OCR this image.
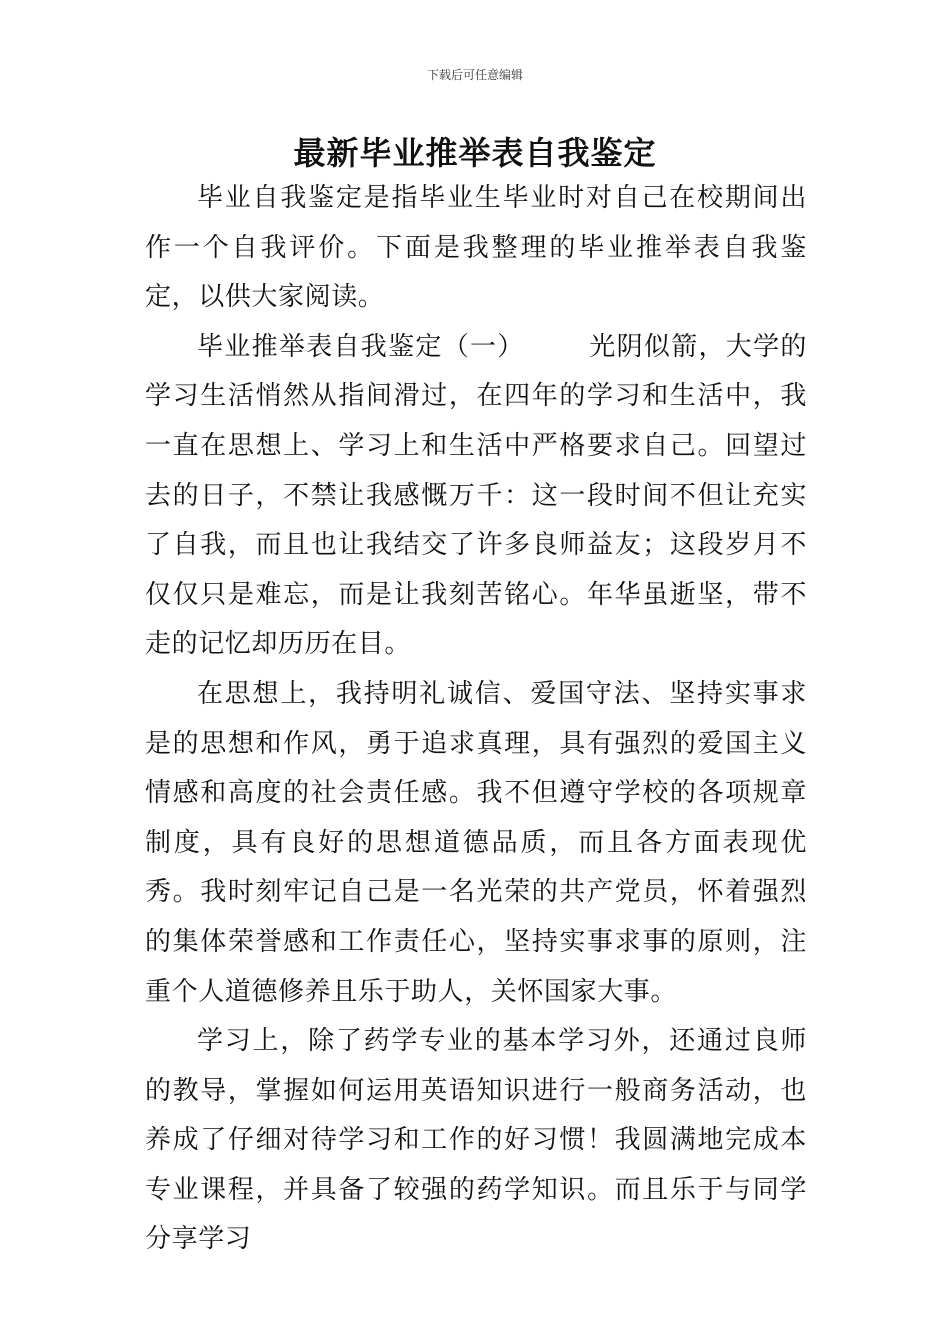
下载后可任意编辑
最新毕业推举表自我鉴定

毕业自我鉴定是指毕业生毕业时对自己在校期间出作一个自我评价。下面是我整理的毕业推举表自我鉴定，以供大家阅读。

毕业推举表自我鉴定（一） 光阴似箭，大学的学习生活悄然从指间滑过，在四年的学习和生活中，我一直在思想上、学习上和生活中严格要求自己。回望过去的日子，不禁让我感慨万千：这一段时间不但让充实了自我，而且也让我结交了许多良师益友；这段岁月不仅仅只是难忘，而是让我刻苦铭心。年华虽逝坚，带不走的记忆却历历在目。

在思想上，我持明礼诚信、爱国守法、坚持实事求是的思想和作风，勇于追求真理，具有强烈的爱国主义情感和高度的社会责任感。我不但遵守学校的各项规章制度，具有良好的思想道德品质，而且各方面表现优秀。我时刻牢记自己是一名光荣的共产党员，怀着强烈的集体荣誉感和工作责任心，坚持实事求事的原则，注重个人道德修养且乐于助人，关怀国家大事。

学习上，除了药学专业的基本学习外，还通过良师的教导，掌握如何运用英语知识进行一般商务活动，也养成了仔细对待学习和工作的好习惯！我圆满地完成本专业课程，并具备了较强的药学知识。而且乐于与同学分享学习
